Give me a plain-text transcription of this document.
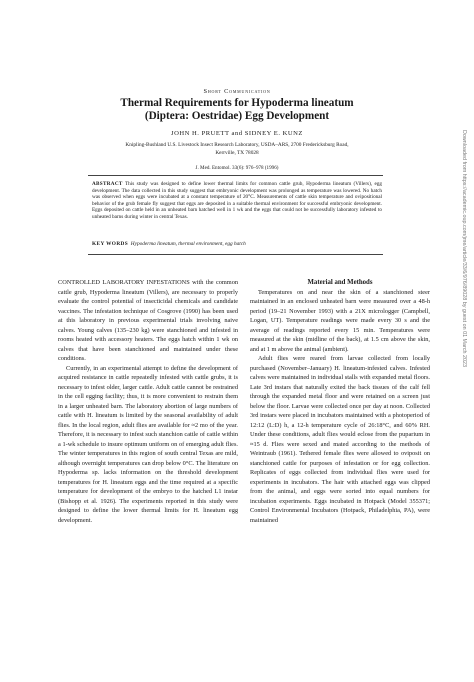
Short Communication
Thermal Requirements for Hypoderma lineatum
(Diptera: Oestridae) Egg Development
JOHN H. PRUETT and SIDNEY E. KUNZ
Knipling-Bushland U.S. Livestock Insect Research Laboratory, USDA–ARS, 2700 Fredericksburg Road,
Kerrville, TX 78028
J. Med. Entomol. 33(6): 976–978 (1996)
ABSTRACT This study was designed to define lower thermal limits for common cattle grub, Hypoderma lineatum (Villers), egg development. The data collected in this study suggest that embryonic development was prolonged as temperature was lowered. No hatch was observed when eggs were incubated at a constant temperature of 20°C. Measurements of cattle skin temperature and ovipositional behavior of the grub female fly suggest that eggs are deposited in a suitable thermal environment for successful embryonic development. Eggs deposited on cattle held in an unheated barn hatched well in 1 wk and the eggs that could not be successfully laboratory infested to unheated barns during winter in central Texas.
KEY WORDS Hypoderma lineatum, thermal environment, egg hatch

CONTROLLED LABORATORY INFESTATIONS with the common cattle grub, Hypoderma lineatum (Villers), are necessary to properly evaluate the control potential of insecticidal chemicals and candidate vaccines. The infestation technique of Cosgrove (1990) has been used at this laboratory in previous experimental trials involving naive calves. Young calves (135–230 kg) were stanchioned and infested in rooms heated with accessory heaters. The eggs hatch within 1 wk on calves that have been stanchioned and maintained under these conditions.

Currently, in an experimental attempt to define the development of acquired resistance in cattle repeatedly infested with cattle grubs, it is necessary to infest older, larger cattle. Adult cattle cannot be restrained in the cell egging facility; thus, it is more convenient to restrain them in a larger unheated barn. The laboratory abortion of large numbers of cattle with H. lineatum is limited by the seasonal availability of adult flies. In the local region, adult flies are available for ≈2 mo of the year. Therefore, it is necessary to infest such stanchion cattle of cattle within a 1-wk schedule to insure optimum uniform on of emerging adult flies. The winter temperatures in this region of south central Texas are mild, although overnight temperatures can drop below 0°C. The literature on Hypoderma sp. lacks information on the threshold development temperatures for H. lineatum eggs and the time required at a specific temperature for development of the embryo to the hatched L1 instar (Bishopp et al. 1926). The experiments reported in this study were designed to define the lower thermal limits for H. lineatum egg development.

Material and Methods

Temperatures on and near the skin of a stanchioned steer maintained in an enclosed unheated barn were measured over a 48-h period (19–21 November 1993) with a 21X micrologger (Campbell, Logan, UT). Temperature readings were made every 30 s and the average of readings reported every 15 min. Temperatures were measured at the skin (midline of the back), at 1.5 cm above the skin, and at 1 m above the animal (ambient).

Adult flies were reared from larvae collected from locally purchased (November–January) H. lineatum-infested calves. Infested calves were maintained in individual stalls with expanded metal floors. Late 3rd instars that naturally exited the back tissues of the calf fell through the expanded metal floor and were retained on a screen just below the floor. Larvae were collected once per day at noon. Collected 3rd instars were placed in incubators maintained with a photoperiod of 12:12 (L:D) h, a 12-h temperature cycle of 26:18°C, and 60% RH. Under these conditions, adult flies would eclose from the puparium in ≈15 d. Flies were sexed and mated according to the methods of Weintraub (1961). Tethered female flies were allowed to oviposit on stanchioned cattle for purposes of infestation or for egg collection. Replicates of eggs collected from individual flies were used for experiments in incubators. The hair with attached eggs was clipped from the animal, and eggs were sorted into equal numbers for incubation experiments. Eggs incubated in Hotpack (Model 355371; Control Environmental Incubators (Hotpack, Philadelphia, PA), were maintained

Downloaded from https://academic.oup.com/jme/article/33/6/976/89028 by guest on 01 March 2023
